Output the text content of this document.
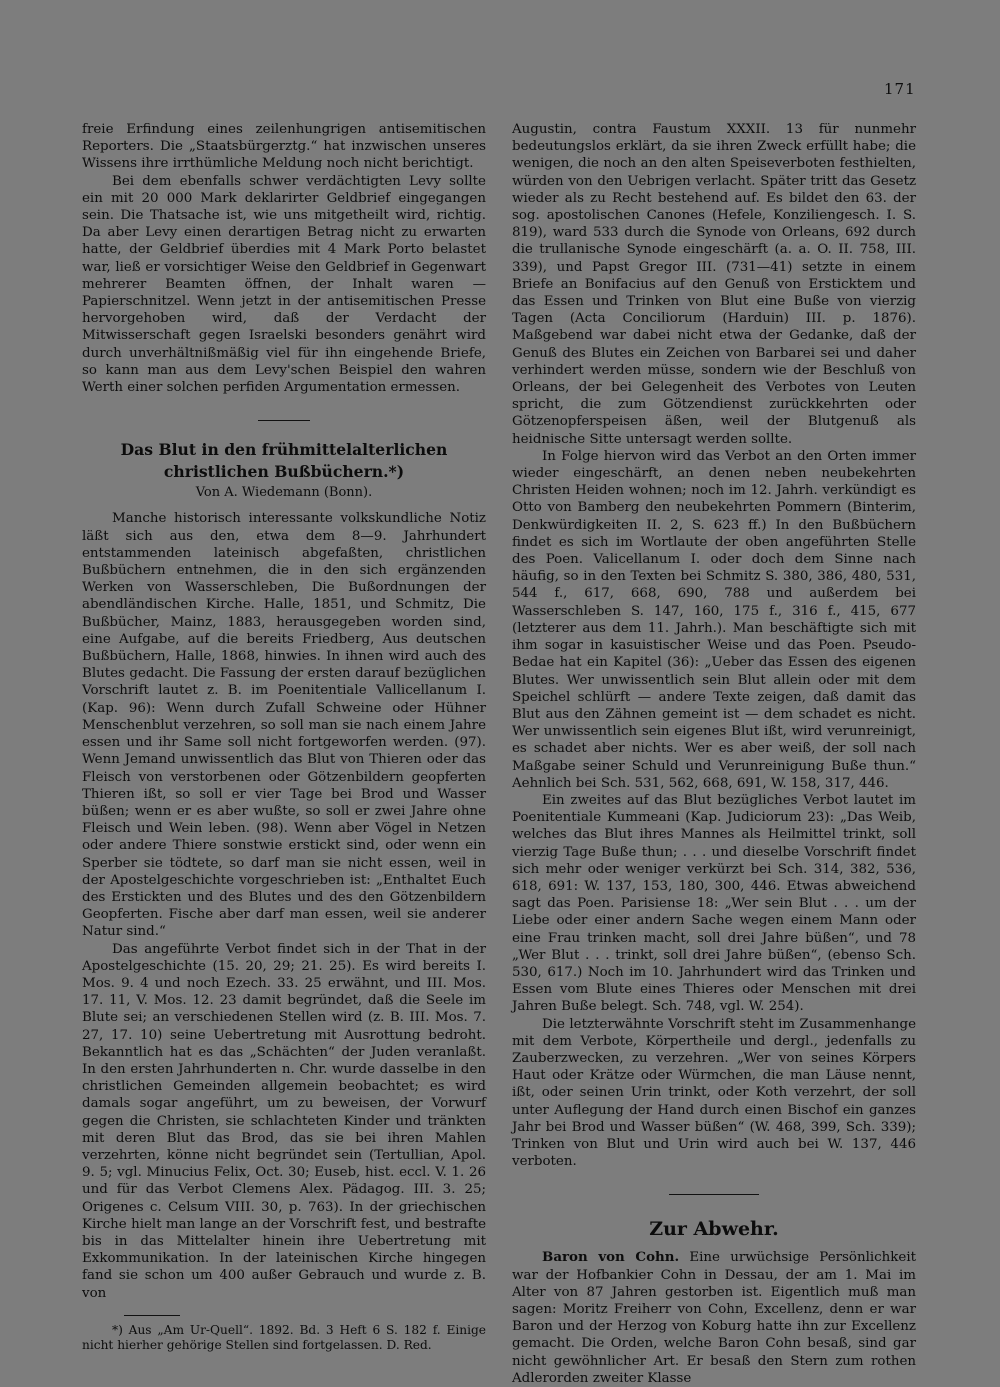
171

freie Erfindung eines zeilenhungrigen antisemitischen Reporters. Die „Staatsbürgerztg.“ hat inzwischen unseres Wissens ihre irrthümliche Meldung noch nicht berichtigt.

Bei dem ebenfalls schwer verdächtigten Levy sollte ein mit 20 000 Mark deklarirter Geldbrief eingegangen sein. Die Thatsache ist, wie uns mitgetheilt wird, richtig. Da aber Levy einen derartigen Betrag nicht zu erwarten hatte, der Geldbrief überdies mit 4 Mark Porto belastet war, ließ er vorsichtiger Weise den Geldbrief in Gegenwart mehrerer Beamten öffnen, der Inhalt waren — Papierschnitzel. Wenn jetzt in der antisemitischen Presse hervorgehoben wird, daß der Verdacht der Mitwisserschaft gegen Israelski besonders genährt wird durch unverhältnißmäßig viel für ihn eingehende Briefe, so kann man aus dem Levy'schen Beispiel den wahren Werth einer solchen perfiden Argumentation ermessen.

Das Blut in den frühmittelalterlichen christlichen Bußbüchern.*)
Von A. Wiedemann (Bonn).

Manche historisch interessante volkskundliche Notiz läßt sich aus den, etwa dem 8—9. Jahrhundert entstammenden lateinisch abgefaßten, christlichen Bußbüchern entnehmen, die in den sich ergänzenden Werken von Wasserschleben, Die Bußordnungen der abendländischen Kirche. Halle, 1851, und Schmitz, Die Bußbücher, Mainz, 1883, herausgegeben worden sind, eine Aufgabe, auf die bereits Friedberg, Aus deutschen Bußbüchern, Halle, 1868, hinwies. In ihnen wird auch des Blutes gedacht. Die Fassung der ersten darauf bezüglichen Vorschrift lautet z. B. im Poenitentiale Vallicellanum I. (Kap. 96): Wenn durch Zufall Schweine oder Hühner Menschenblut verzehren, so soll man sie nach einem Jahre essen und ihr Same soll nicht fortgeworfen werden. (97). Wenn Jemand unwissentlich das Blut von Thieren oder das Fleisch von verstorbenen oder Götzenbildern geopferten Thieren ißt, so soll er vier Tage bei Brod und Wasser büßen; wenn er es aber wußte, so soll er zwei Jahre ohne Fleisch und Wein leben. (98). Wenn aber Vögel in Netzen oder andere Thiere sonstwie erstickt sind, oder wenn ein Sperber sie tödtete, so darf man sie nicht essen, weil in der Apostelgeschichte vorgeschrieben ist: „Enthaltet Euch des Erstickten und des Blutes und des den Götzenbildern Geopferten. Fische aber darf man essen, weil sie anderer Natur sind.“

Das angeführte Verbot findet sich in der That in der Apostelgeschichte (15. 20, 29; 21. 25). Es wird bereits I. Mos. 9. 4 und noch Ezech. 33. 25 erwähnt, und III. Mos. 17. 11, V. Mos. 12. 23 damit begründet, daß die Seele im Blute sei; an verschiedenen Stellen wird (z. B. III. Mos. 7. 27, 17. 10) seine Uebertretung mit Ausrottung bedroht. Bekanntlich hat es das „Schächten“ der Juden veranlaßt. In den ersten Jahrhunderten n. Chr. wurde dasselbe in den christlichen Gemeinden allgemein beobachtet; es wird damals sogar angeführt, um zu beweisen, der Vorwurf gegen die Christen, sie schlachteten Kinder und tränkten mit deren Blut das Brod, das sie bei ihren Mahlen verzehrten, könne nicht begründet sein (Tertullian, Apol. 9. 5; vgl. Minucius Felix, Oct. 30; Euseb, hist. eccl. V. 1. 26 und für das Verbot Clemens Alex. Pädagog. III. 3. 25; Origenes c. Celsum VIII. 30, p. 763). In der griechischen Kirche hielt man lange an der Vorschrift fest, und bestrafte bis in das Mittelalter hinein ihre Uebertretung mit Exkommunikation. In der lateinischen Kirche hingegen fand sie schon um 400 außer Gebrauch und wurde z. B. von

*) Aus „Am Ur-Quell“. 1892. Bd. 3 Heft 6 S. 182 f. Einige nicht hierher gehörige Stellen sind fortgelassen. D. Red.

Augustin, contra Faustum XXXII. 13 für nunmehr bedeutungslos erklärt, da sie ihren Zweck erfüllt habe; die wenigen, die noch an den alten Speiseverboten festhielten, würden von den Uebrigen verlacht. Später tritt das Gesetz wieder als zu Recht bestehend auf. Es bildet den 63. der sog. apostolischen Canones (Hefele, Konziliengesch. I. S. 819), ward 533 durch die Synode von Orleans, 692 durch die trullanische Synode eingeschärft (a. a. O. II. 758, III. 339), und Papst Gregor III. (731—41) setzte in einem Briefe an Bonifacius auf den Genuß von Ersticktem und das Essen und Trinken von Blut eine Buße von vierzig Tagen (Acta Conciliorum (Harduin) III. p. 1876). Maßgebend war dabei nicht etwa der Gedanke, daß der Genuß des Blutes ein Zeichen von Barbarei sei und daher verhindert werden müsse, sondern wie der Beschluß von Orleans, der bei Gelegenheit des Verbotes von Leuten spricht, die zum Götzendienst zurückkehrten oder Götzenopferspeisen äßen, weil der Blutgenuß als heidnische Sitte untersagt werden sollte.

In Folge hiervon wird das Verbot an den Orten immer wieder eingeschärft, an denen neben neubekehrten Christen Heiden wohnen; noch im 12. Jahrh. verkündigt es Otto von Bamberg den neubekehrten Pommern (Binterim, Denkwürdigkeiten II. 2, S. 623 ff.) In den Bußbüchern findet es sich im Wortlaute der oben angeführten Stelle des Poen. Valicellanum I. oder doch dem Sinne nach häufig, so in den Texten bei Schmitz S. 380, 386, 480, 531, 544 f., 617, 668, 690, 788 und außerdem bei Wasserschleben S. 147, 160, 175 f., 316 f., 415, 677 (letzterer aus dem 11. Jahrh.). Man beschäftigte sich mit ihm sogar in kasuistischer Weise und das Poen. Pseudo-Bedae hat ein Kapitel (36): „Ueber das Essen des eigenen Blutes. Wer unwissentlich sein Blut allein oder mit dem Speichel schlürft — andere Texte zeigen, daß damit das Blut aus den Zähnen gemeint ist — dem schadet es nicht. Wer unwissentlich sein eigenes Blut ißt, wird verunreinigt, es schadet aber nichts. Wer es aber weiß, der soll nach Maßgabe seiner Schuld und Verunreinigung Buße thun.“ Aehnlich bei Sch. 531, 562, 668, 691, W. 158, 317, 446.

Ein zweites auf das Blut bezügliches Verbot lautet im Poenitentiale Kummeani (Kap. Judiciorum 23): „Das Weib, welches das Blut ihres Mannes als Heilmittel trinkt, soll vierzig Tage Buße thun; . . . und dieselbe Vorschrift findet sich mehr oder weniger verkürzt bei Sch. 314, 382, 536, 618, 691: W. 137, 153, 180, 300, 446. Etwas abweichend sagt das Poen. Parisiense 18: „Wer sein Blut . . . um der Liebe oder einer andern Sache wegen einem Mann oder eine Frau trinken macht, soll drei Jahre büßen“, und 78 „Wer Blut . . . trinkt, soll drei Jahre büßen“, (ebenso Sch. 530, 617.) Noch im 10. Jahrhundert wird das Trinken und Essen vom Blute eines Thieres oder Menschen mit drei Jahren Buße belegt. Sch. 748, vgl. W. 254).

Die letzterwähnte Vorschrift steht im Zusammenhange mit dem Verbote, Körpertheile und dergl., jedenfalls zu Zauberzwecken, zu verzehren. „Wer von seines Körpers Haut oder Krätze oder Würmchen, die man Läuse nennt, ißt, oder seinen Urin trinkt, oder Koth verzehrt, der soll unter Auflegung der Hand durch einen Bischof ein ganzes Jahr bei Brod und Wasser büßen“ (W. 468, 399, Sch. 339); Trinken von Blut und Urin wird auch bei W. 137, 446 verboten.

Zur Abwehr.

Baron von Cohn. Eine urwüchsige Persönlichkeit war der Hofbankier Cohn in Dessau, der am 1. Mai im Alter von 87 Jahren gestorben ist. Eigentlich muß man sagen: Moritz Freiherr von Cohn, Excellenz, denn er war Baron und der Herzog von Koburg hatte ihn zur Excellenz gemacht. Die Orden, welche Baron Cohn besaß, sind gar nicht gewöhnlicher Art. Er besaß den Stern zum rothen Adlerorden zweiter Klasse
